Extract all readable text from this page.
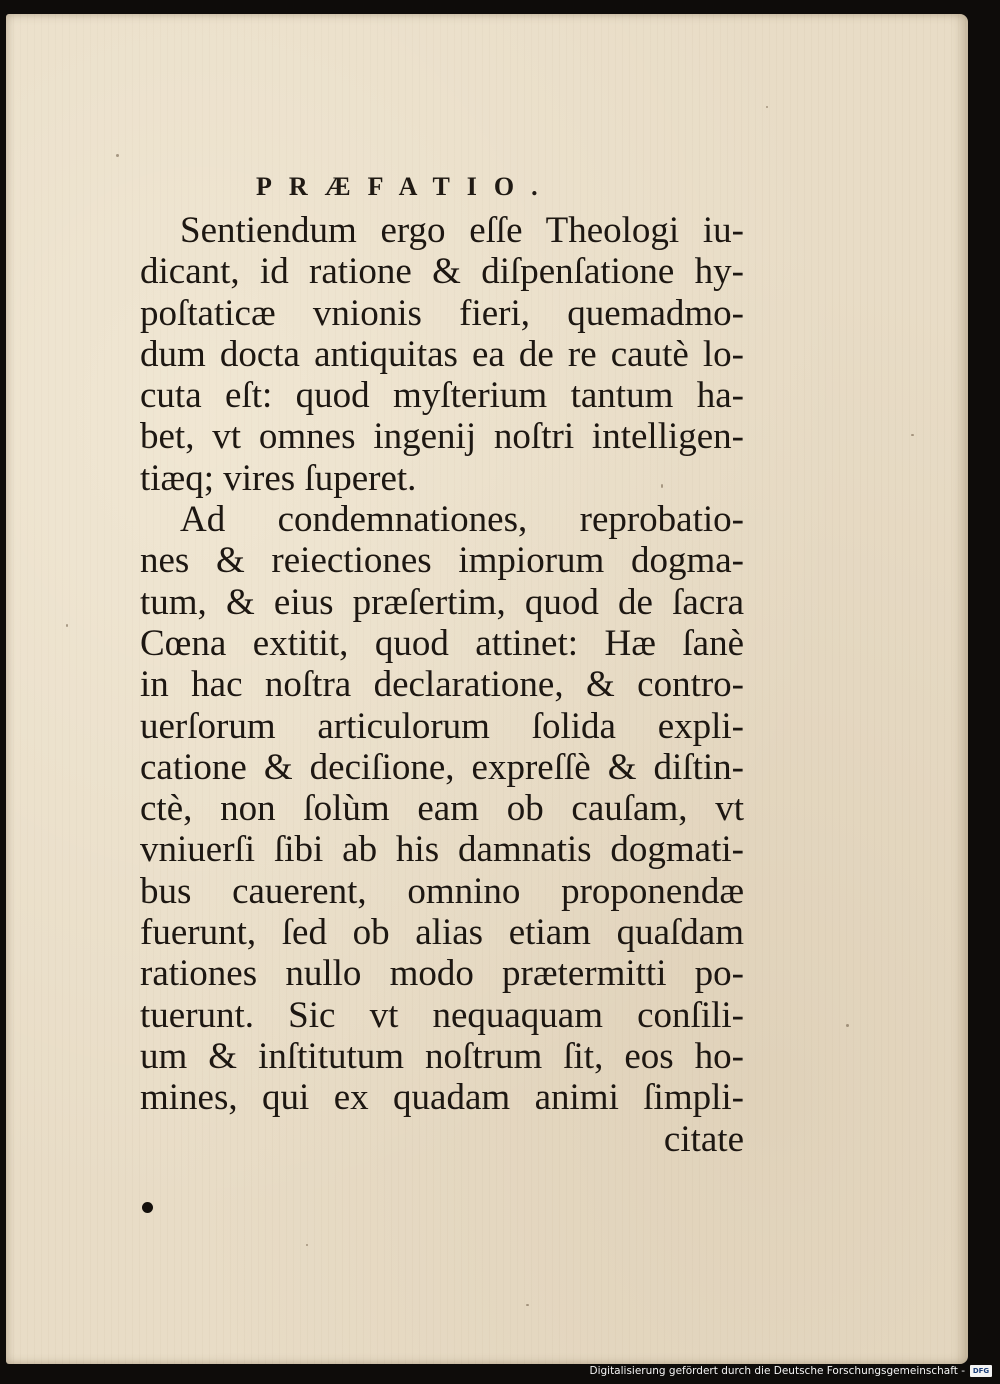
PRÆFATIO.
Sentiendum ergo eſſe Theologi iu-
dicant, id ratione & diſpenſatione hy-
poſtaticæ vnionis fieri, quemadmo-
dum docta antiquitas ea de re cautè lo-
cuta eſt: quod myſterium tantum ha-
bet, vt omnes ingenij noſtri intelligen-
tiæq; vires ſuperet.
Ad condemnationes, reprobatio-
nes & reiectiones impiorum dogma-
tum, & eius præſertim, quod de ſacra
Cœna extitit, quod attinet: Hæ ſanè
in hac noſtra declaratione, & contro-
uerſorum articulorum ſolida expli-
catione & deciſione, expreſſè & diſtin-
ctè, non ſolùm eam ob cauſam, vt
vniuerſi ſibi ab his damnatis dogmati-
bus cauerent, omnino proponendæ
fuerunt, ſed ob alias etiam quaſdam
rationes nullo modo prætermitti po-
tuerunt. Sic vt nequaquam conſili-
um & inſtitutum noſtrum ſit, eos ho-
mines, qui ex quadam animi ſimpli-
citate
Digitalisierung gefördert durch die Deutsche Forschungsgemeinschaft -	DFG
